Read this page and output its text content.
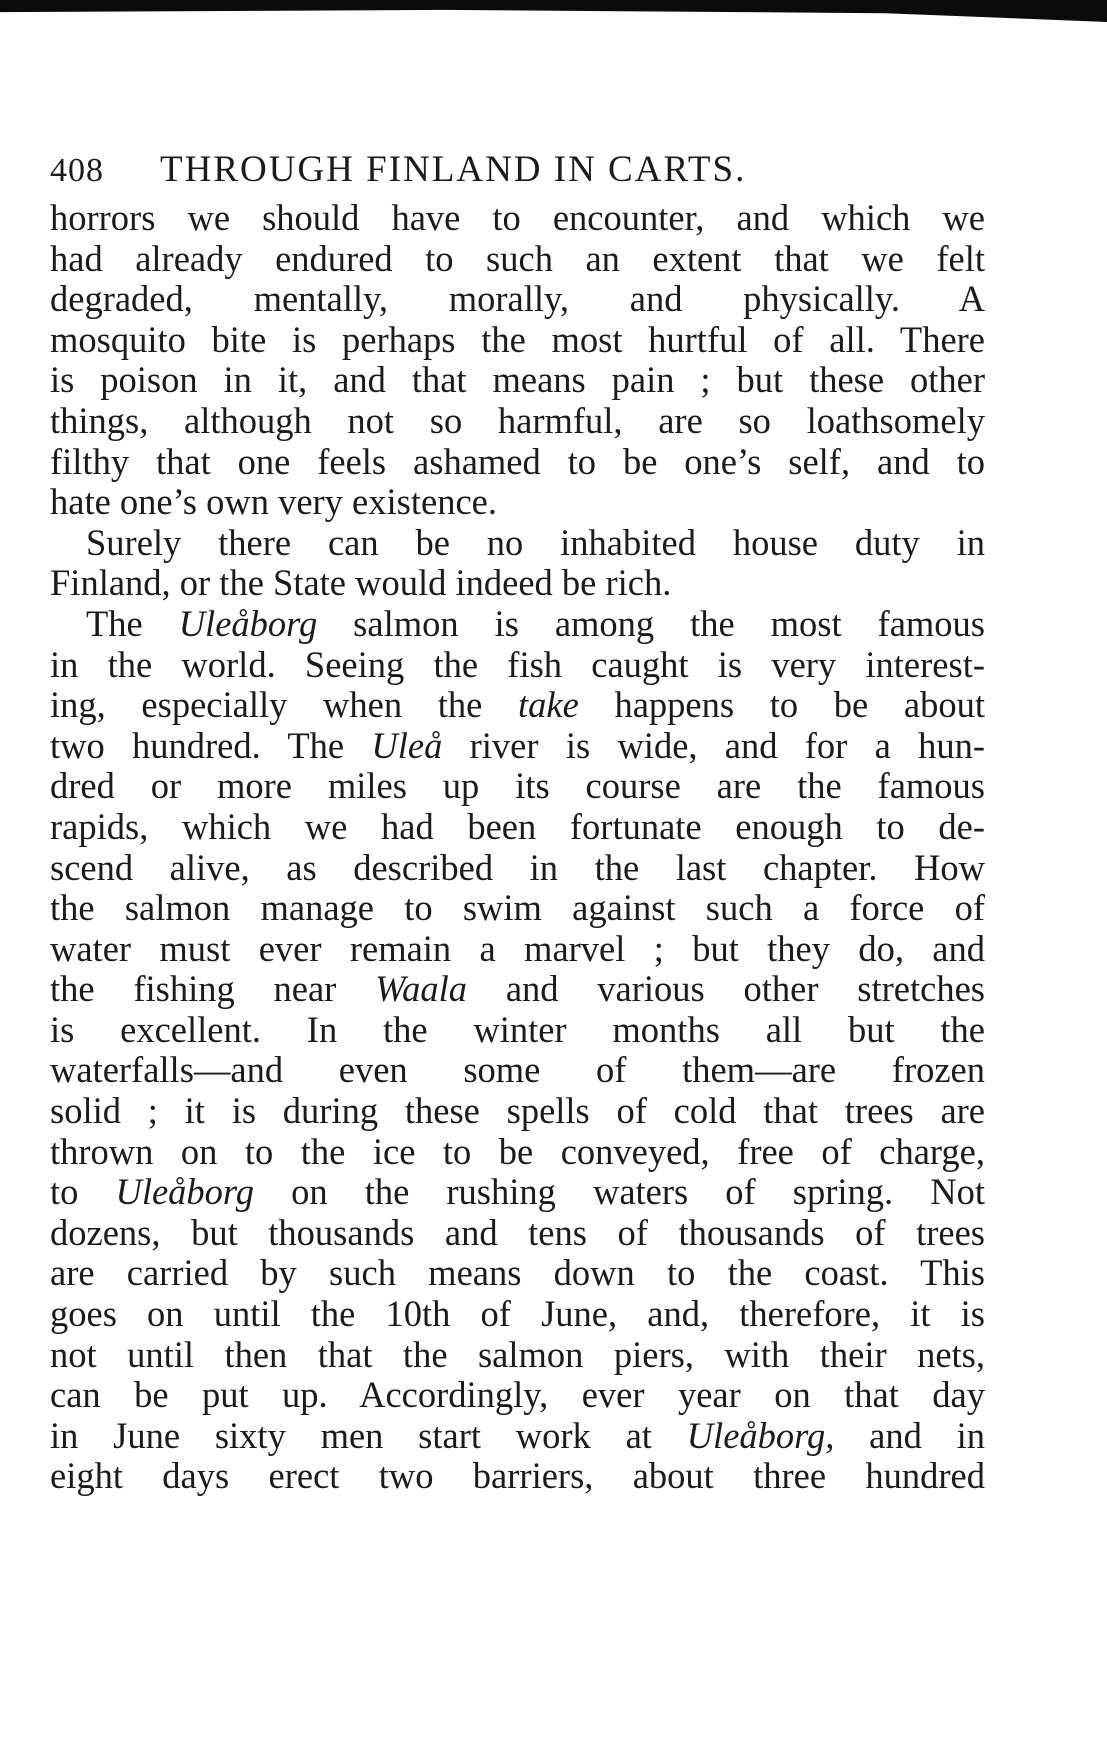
408	THROUGH FINLAND IN CARTS.
horrors we should have to encounter, and which we
had already endured to such an extent that we felt
degraded, mentally, morally, and physically. A
mosquito bite is perhaps the most hurtful of all. There
is poison in it, and that means pain ; but these other
things, although not so harmful, are so loathsomely
filthy that one feels ashamed to be one’s self, and to
hate one’s own very existence.
Surely there can be no inhabited house duty in
Finland, or the State would indeed be rich.
The Uleåborg salmon is among the most famous
in the world. Seeing the fish caught is very interest-
ing, especially when the take happens to be about
two hundred. The Uleå river is wide, and for a hun-
dred or more miles up its course are the famous
rapids, which we had been fortunate enough to de-
scend alive, as described in the last chapter. How
the salmon manage to swim against such a force of
water must ever remain a marvel ; but they do, and
the fishing near Waala and various other stretches
is excellent. In the winter months all but the
waterfalls—and even some of them—are frozen
solid ; it is during these spells of cold that trees are
thrown on to the ice to be conveyed, free of charge,
to Uleåborg on the rushing waters of spring. Not
dozens, but thousands and tens of thousands of trees
are carried by such means down to the coast. This
goes on until the 10th of June, and, therefore, it is
not until then that the salmon piers, with their nets,
can be put up. Accordingly, ever year on that day
in June sixty men start work at Uleåborg, and in
eight days erect two barriers, about three hundred
